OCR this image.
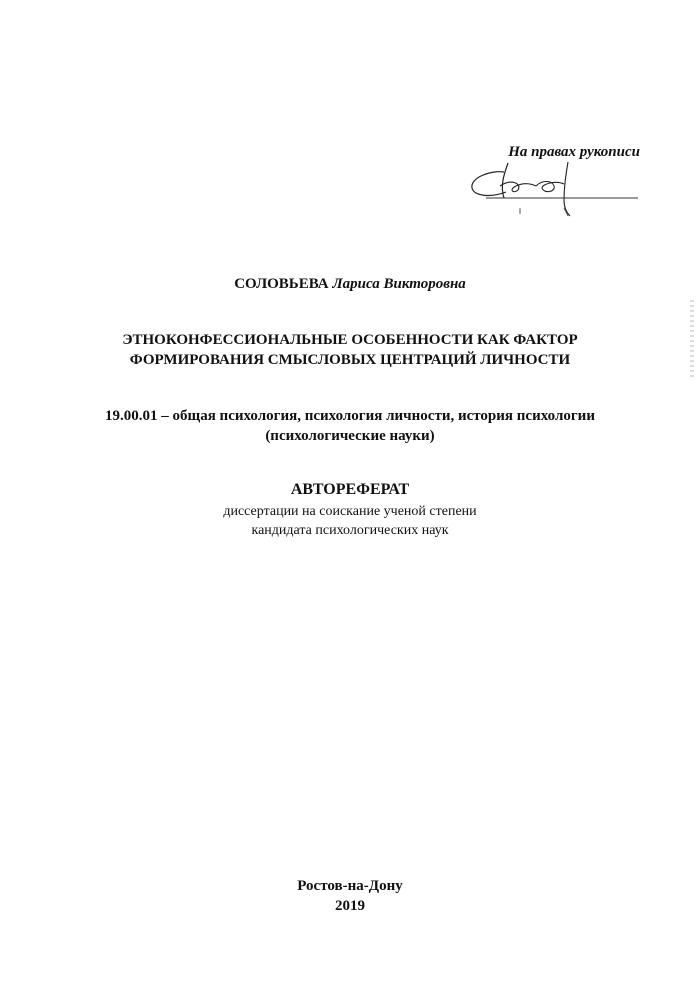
На правах рукописи
СОЛОВЬЕВА Лариса Викторовна
ЭТНОКОНФЕССИОНАЛЬНЫЕ ОСОБЕННОСТИ КАК ФАКТОР
ФОРМИРОВАНИЯ СМЫСЛОВЫХ ЦЕНТРАЦИЙ ЛИЧНОСТИ
19.00.01 – общая психология, психология личности, история психологии
(психологические науки)
АВТОРЕФЕРАТ
диссертации на соискание ученой степени
кандидата психологических наук
Ростов-на-Дону
2019
